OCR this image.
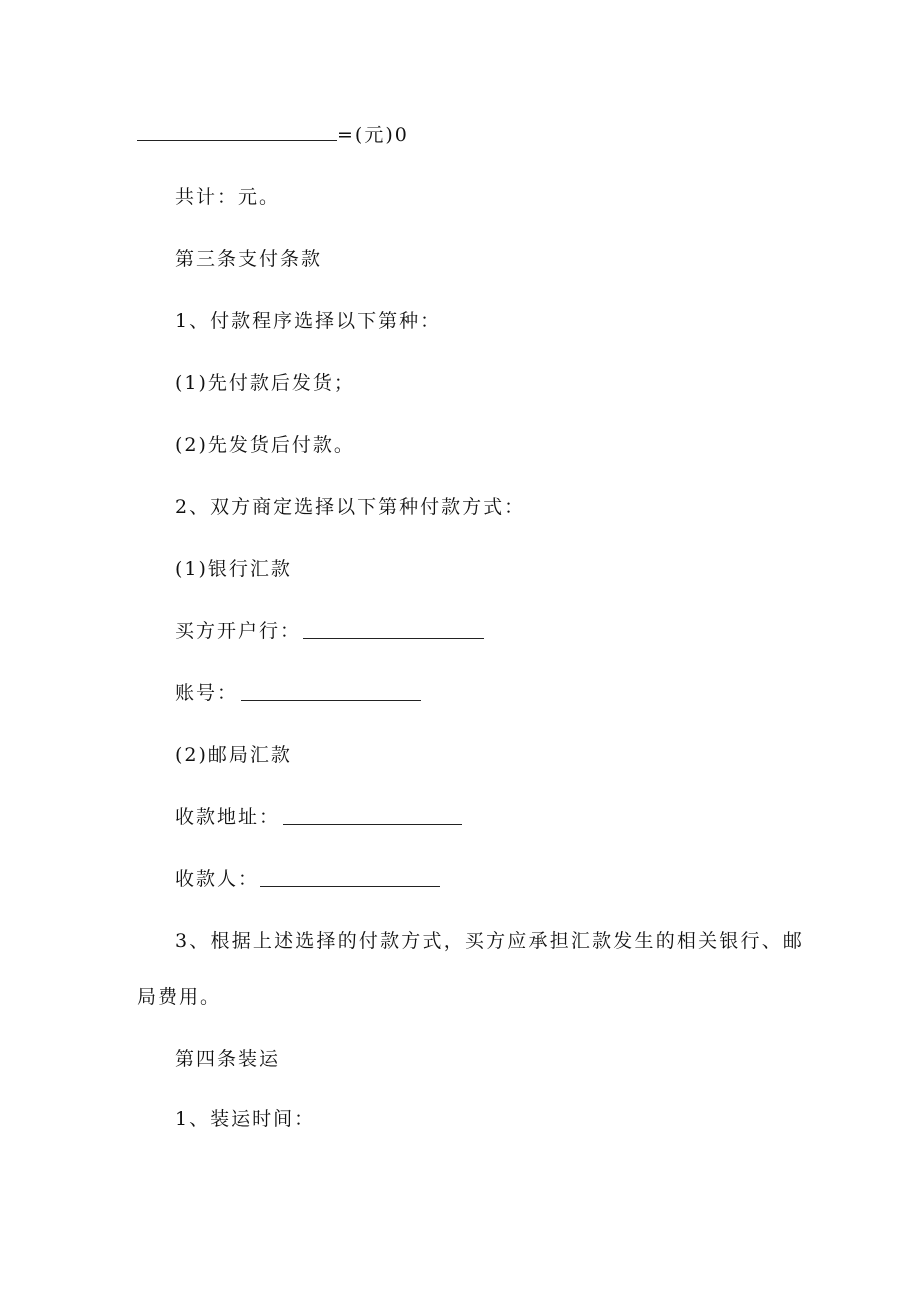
=(元)0
共计：元。
第三条支付条款
1、付款程序选择以下第种：
(1)先付款后发货；
(2)先发货后付款。
2、双方商定选择以下第种付款方式：
(1)银行汇款
买方开户行：
账号：
(2)邮局汇款
收款地址：
收款人：
3、根据上述选择的付款方式，买方应承担汇款发生的相关银行、邮
局费用。
第四条装运
1、装运时间：
